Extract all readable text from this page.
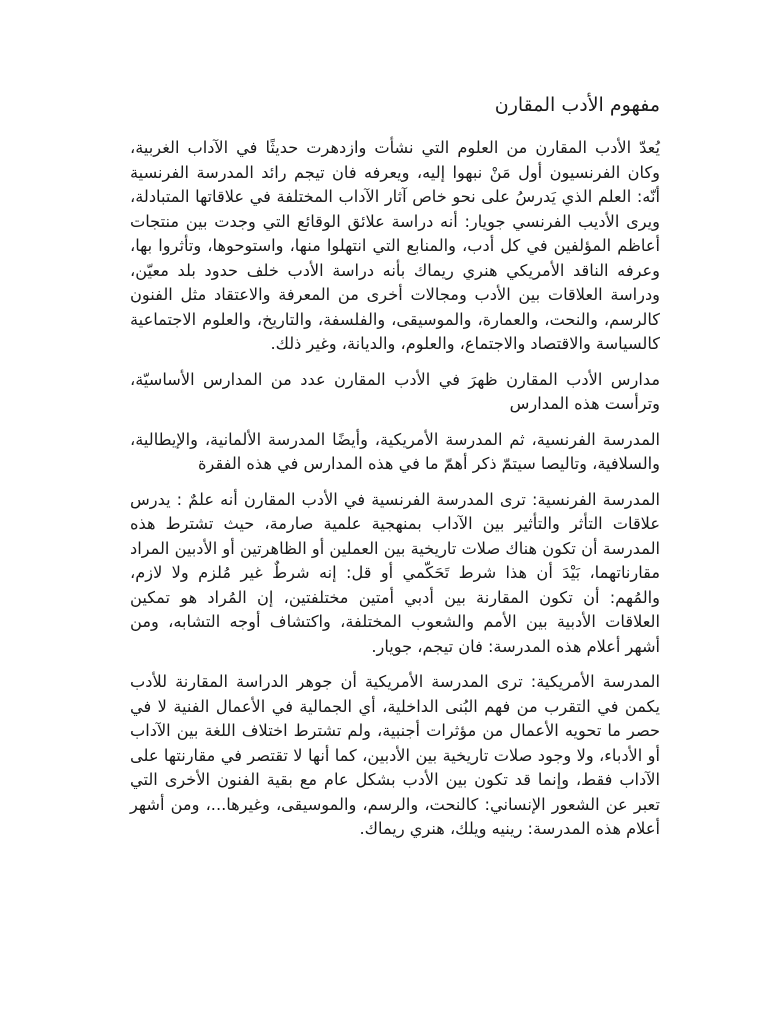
مفهوم الأدب المقارن

يُعدّ الأدب المقارن من العلوم التي نشأت وازدهرت حديثًا في الآداب الغربية، وكان الفرنسيون أول مَنْ نبهوا إليه، ويعرفه فان تيجم رائد المدرسة الفرنسية أنّه: العلم الذي يَدرسُ على نحو خاص آثار الآداب المختلفة في علاقاتها المتبادلة، ويرى الأديب الفرنسي جويار: أنه دراسة علائق الوقائع التي وجدت بين منتجات أعاظم المؤلفين في كل أدب، والمنابع التي انتهلوا منها، واستوحوها، وتأثروا بها، وعرفه الناقد الأمريكي هنري ريماك بأنه دراسة الأدب خلف حدود بلد معيّن، ودراسة العلاقات بين الأدب ومجالات أخرى من المعرفة والاعتقاد مثل الفنون كالرسم، والنحت، والعمارة، والموسيقى، والفلسفة، والتاريخ، والعلوم الاجتماعية كالسياسة والاقتصاد والاجتماع، والعلوم، والديانة، وغير ذلك.

مدارس الأدب المقارن ظهرَ في الأدب المقارن عدد من المدارس الأساسيّة، وترأست هذه المدارس

المدرسة الفرنسية، ثم المدرسة الأمريكية، وأيضًا المدرسة الألمانية، والإيطالية، والسلافية، وتاليصا سيتمّ ذكر أهمّ ما في هذه المدارس في هذه الفقرة

المدرسة الفرنسية: ترى المدرسة الفرنسية في الأدب المقارن أنه علمٌ : يدرس علاقات التأثر والتأثير بين الآداب بمنهجية علمية صارمة، حيث تشترط هذه المدرسة أن تكون هناك صلات تاريخية بين العملين أو الظاهرتين أو الأدبين المراد مقارناتهما، بَيْدَ أن هذا شرط تَحَكّمي أو قل: إنه شرطٌ غير مُلزم ولا لازم، والمُهم: أن تكون المقارنة بين أدبي أمتين مختلفتين، إن المُراد هو تمكين العلاقات الأدبية بين الأمم والشعوب المختلفة، واكتشاف أوجه التشابه، ومن أشهر أعلام هذه المدرسة: فان تيجم، جويار.

المدرسة الأمريكية: ترى المدرسة الأمريكية أن جوهر الدراسة المقارنة للأدب يكمن في التقرب من فهم البُنى الداخلية، أي الجمالية في الأعمال الفنية لا في حصر ما تحويه الأعمال من مؤثرات أجنبية، ولم تشترط اختلاف اللغة بين الآداب أو الأدباء، ولا وجود صلات تاريخية بين الأدبين، كما أنها لا تقتصر في مقارنتها على الآداب فقط، وإنما قد تكون بين الأدب بشكل عام مع بقية الفنون الأخرى التي تعبر عن الشعور الإنساني: كالنحت، والرسم، والموسيقى، وغيرها...، ومن أشهر أعلام هذه المدرسة: رينيه ويلك، هنري ريماك.
